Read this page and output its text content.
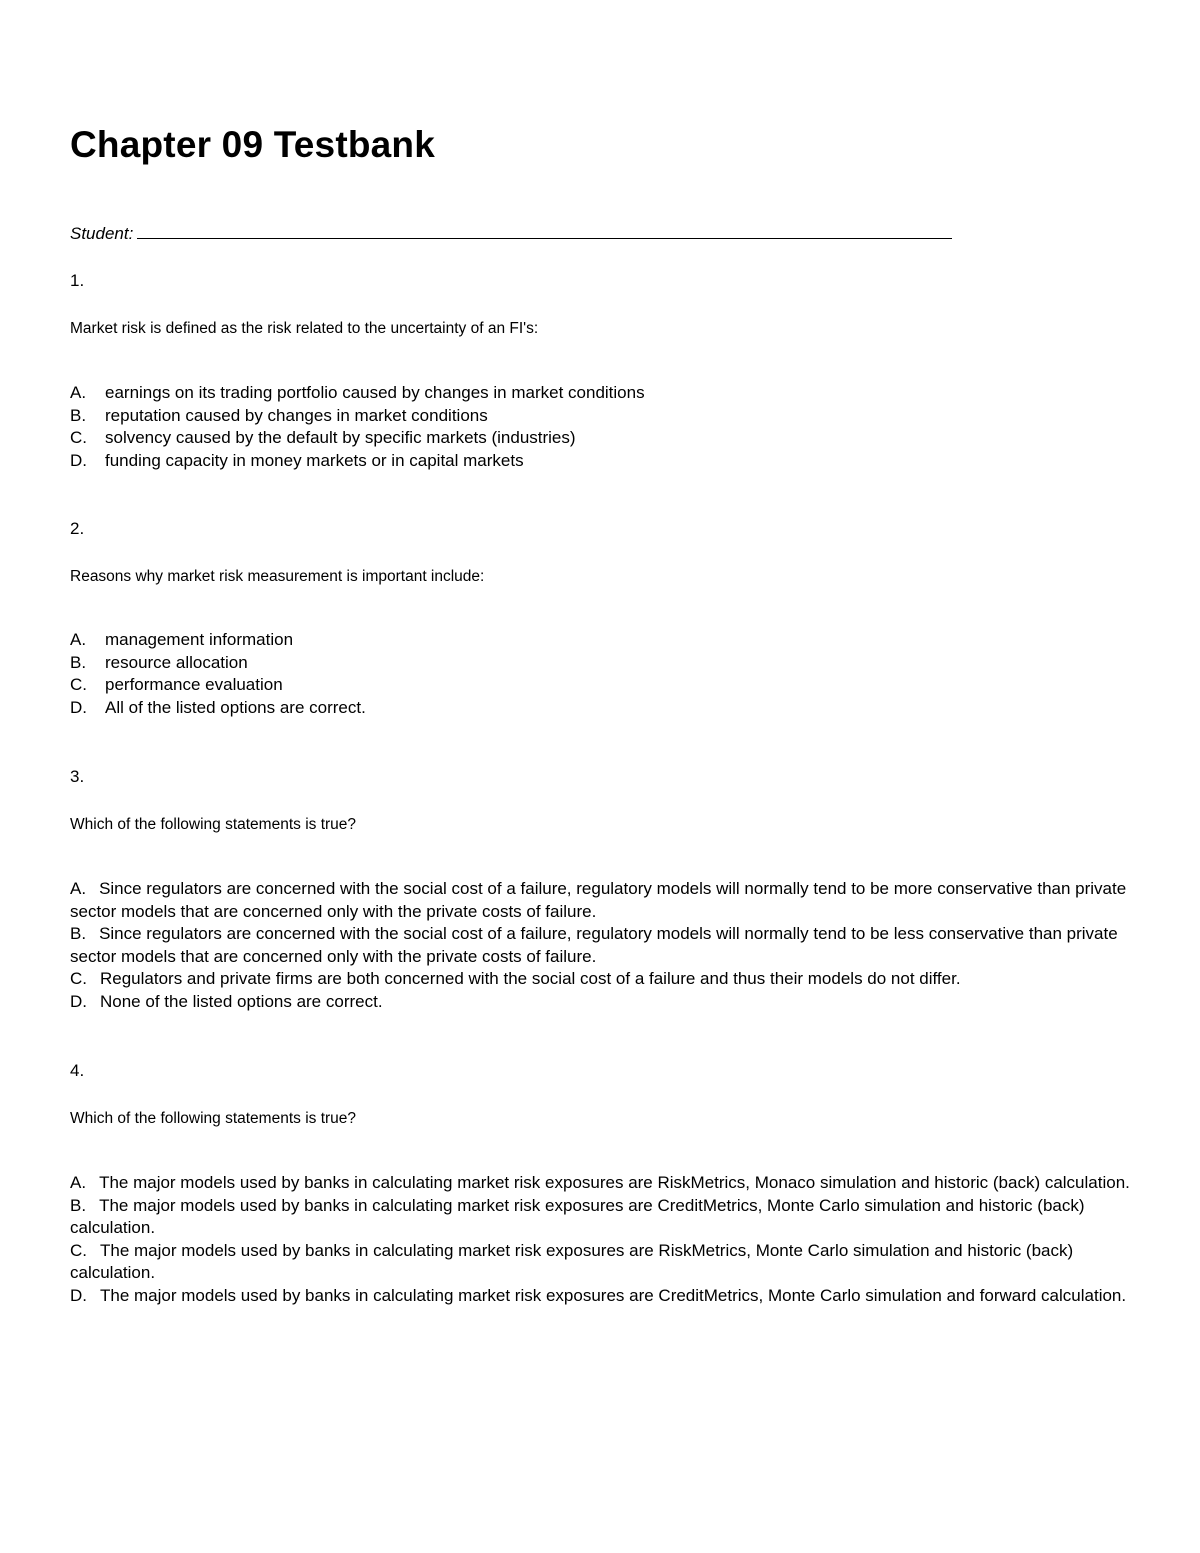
Chapter 09 Testbank
Student:
1.
Market risk is defined as the risk related to the uncertainty of an FI's:
A. earnings on its trading portfolio caused by changes in market conditions
B. reputation caused by changes in market conditions
C. solvency caused by the default by specific markets (industries)
D. funding capacity in money markets or in capital markets
2.
Reasons why market risk measurement is important include:
A. management information
B. resource allocation
C. performance evaluation
D. All of the listed options are correct.
3.
Which of the following statements is true?
A. Since regulators are concerned with the social cost of a failure, regulatory models will normally tend to be more conservative than private sector models that are concerned only with the private costs of failure.
B. Since regulators are concerned with the social cost of a failure, regulatory models will normally tend to be less conservative than private sector models that are concerned only with the private costs of failure.
C. Regulators and private firms are both concerned with the social cost of a failure and thus their models do not differ.
D. None of the listed options are correct.
4.
Which of the following statements is true?
A. The major models used by banks in calculating market risk exposures are RiskMetrics, Monaco simulation and historic (back) calculation.
B. The major models used by banks in calculating market risk exposures are CreditMetrics, Monte Carlo simulation and historic (back) calculation.
C. The major models used by banks in calculating market risk exposures are RiskMetrics, Monte Carlo simulation and historic (back) calculation.
D. The major models used by banks in calculating market risk exposures are CreditMetrics, Monte Carlo simulation and forward calculation.
